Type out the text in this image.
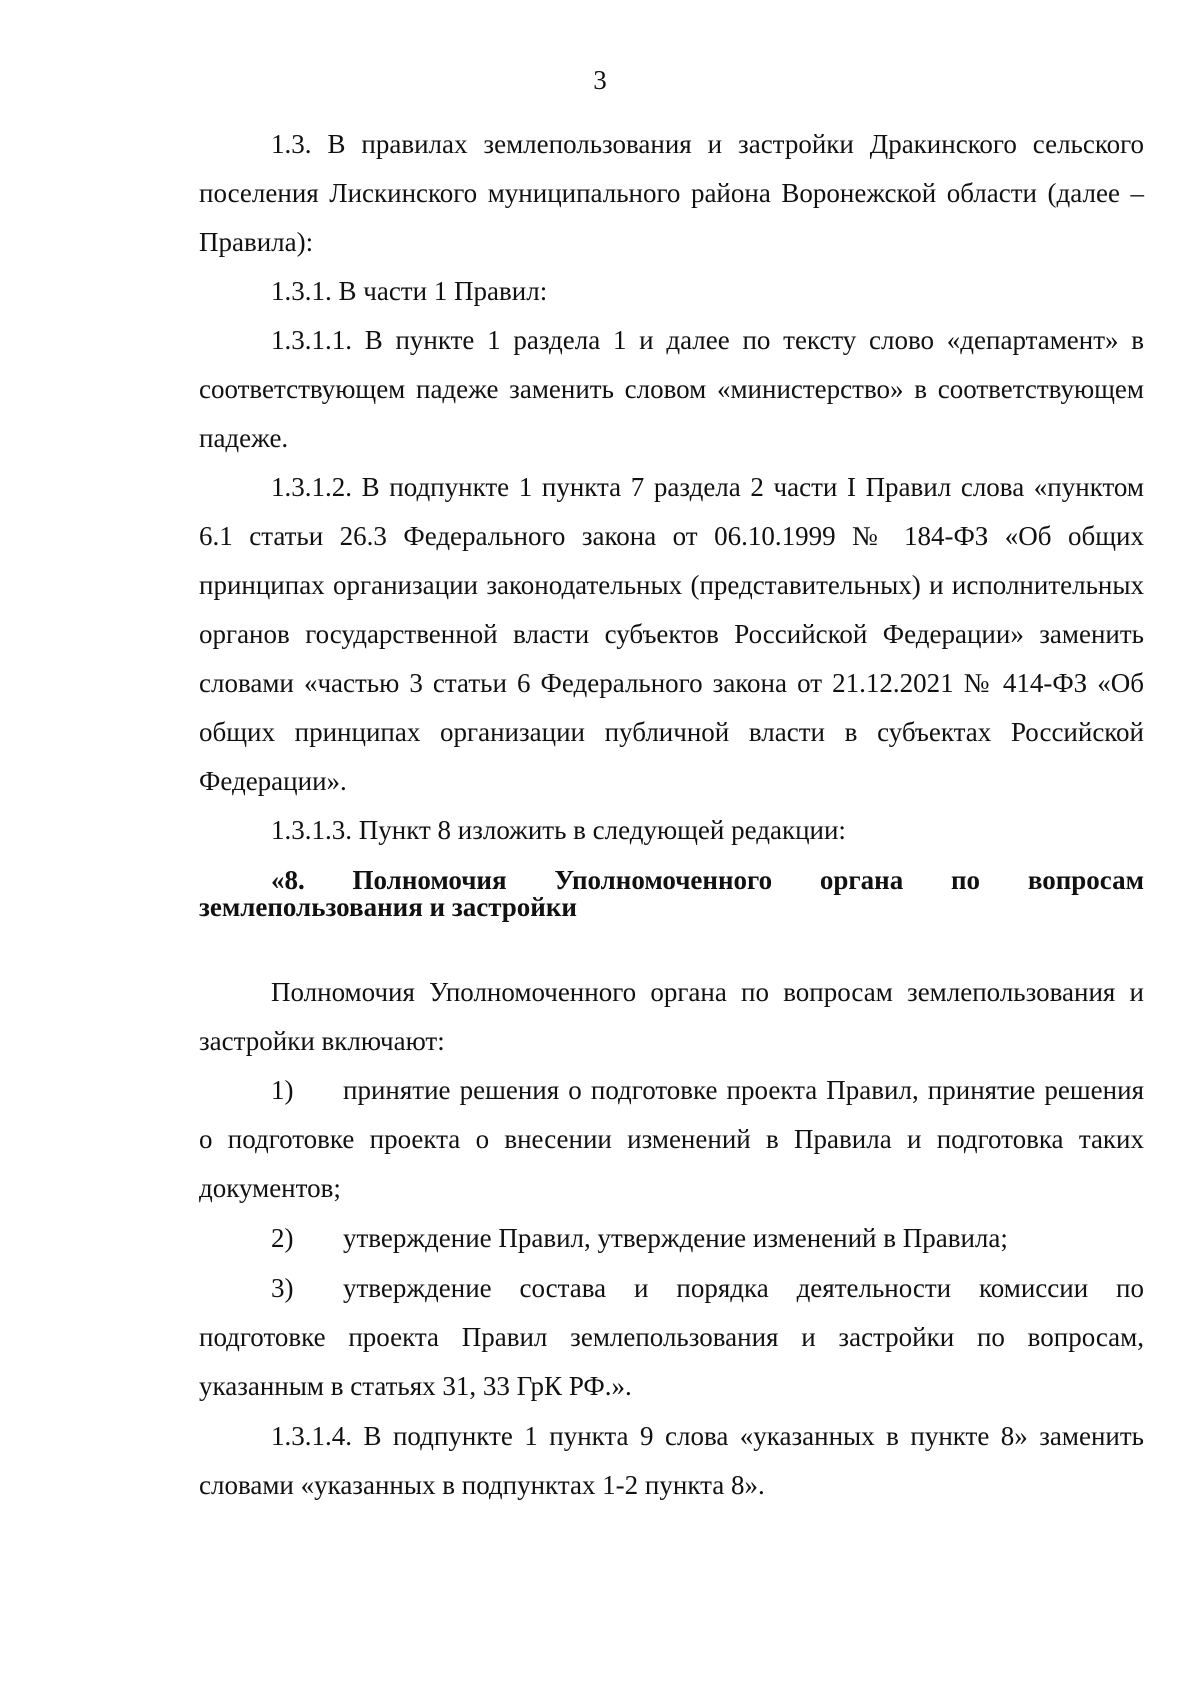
3

1.3. В правилах землепользования и застройки Дракинского сельского поселения Лискинского муниципального района Воронежской области (далее – Правила):

1.3.1. В части 1 Правил:

1.3.1.1. В пункте 1 раздела 1 и далее по тексту слово «департамент» в соответствующем падеже заменить словом «министерство» в соответствующем падеже.

1.3.1.2. В подпункте 1 пункта 7 раздела 2 части I Правил слова «пунктом 6.1 статьи 26.3 Федерального закона от 06.10.1999 № 184-ФЗ «Об общих принципах организации законодательных (представительных) и исполнительных органов государственной власти субъектов Российской Федерации» заменить словами «частью 3 статьи 6 Федерального закона от 21.12.2021 № 414-ФЗ «Об общих принципах организации публичной власти в субъектах Российской Федерации».

1.3.1.3. Пункт 8 изложить в следующей редакции:

«8. Полномочия Уполномоченного органа по вопросам землепользования и застройки

Полномочия Уполномоченного органа по вопросам землепользования и застройки включают:

1) принятие решения о подготовке проекта Правил, принятие решения о подготовке проекта о внесении изменений в Правила и подготовка таких документов;

2) утверждение Правил, утверждение изменений в Правила;

3) утверждение состава и порядка деятельности комиссии по подготовке проекта Правил землепользования и застройки по вопросам, указанным в статьях 31, 33 ГрК РФ.».

1.3.1.4. В подпункте 1 пункта 9 слова «указанных в пункте 8» заменить словами «указанных в подпунктах 1-2 пункта 8».
